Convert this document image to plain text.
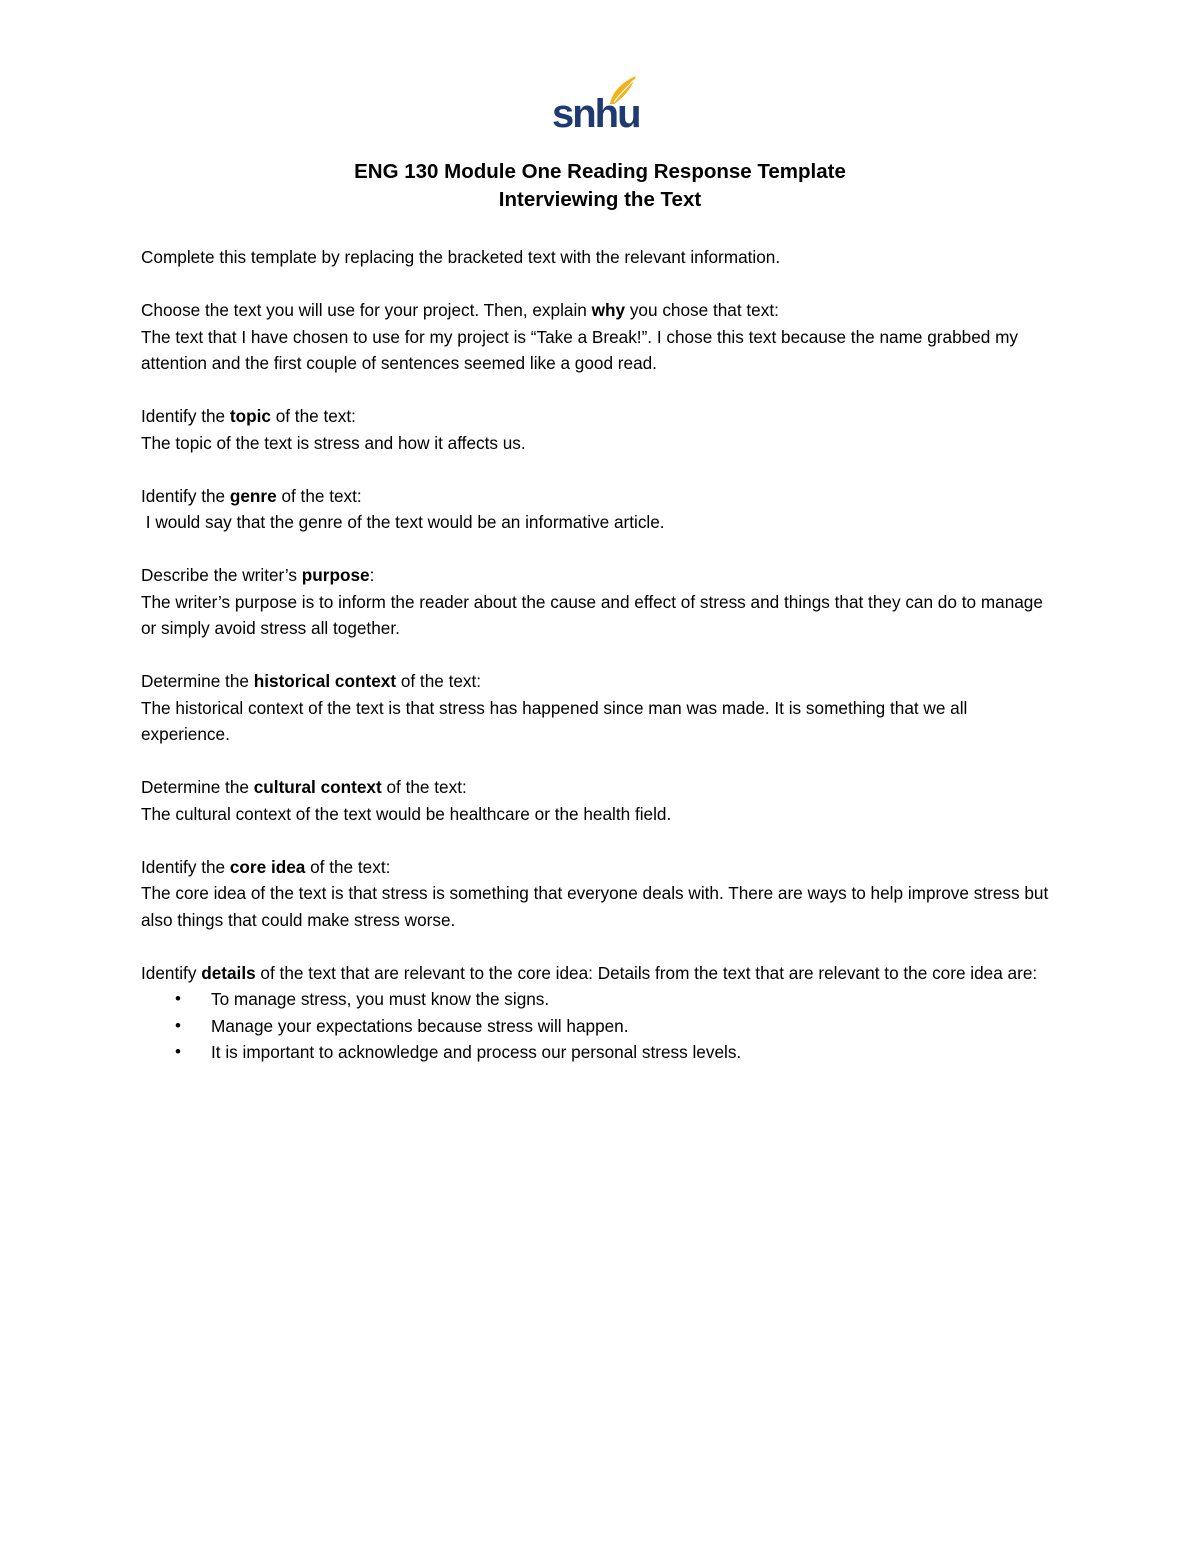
snhu
ENG 130 Module One Reading Response Template
Interviewing the Text

Complete this template by replacing the bracketed text with the relevant information.

Choose the text you will use for your project. Then, explain why you chose that text:

The text that I have chosen to use for my project is “Take a Break!”. I chose this text because the name grabbed my attention and the first couple of sentences seemed like a good read.

Identify the topic of the text:

The topic of the text is stress and how it affects us.

Identify the genre of the text:

I would say that the genre of the text would be an informative article.

Describe the writer’s purpose:

The writer’s purpose is to inform the reader about the cause and effect of stress and things that they can do to manage or simply avoid stress all together.

Determine the historical context of the text:

The historical context of the text is that stress has happened since man was made. It is something that we all experience.

Determine the cultural context of the text:

The cultural context of the text would be healthcare or the health field.

Identify the core idea of the text:

The core idea of the text is that stress is something that everyone deals with. There are ways to help improve stress but also things that could make stress worse.

Identify details of the text that are relevant to the core idea: Details from the text that are relevant to the core idea are:

• To manage stress, you must know the signs.
• Manage your expectations because stress will happen.
• It is important to acknowledge and process our personal stress levels.
